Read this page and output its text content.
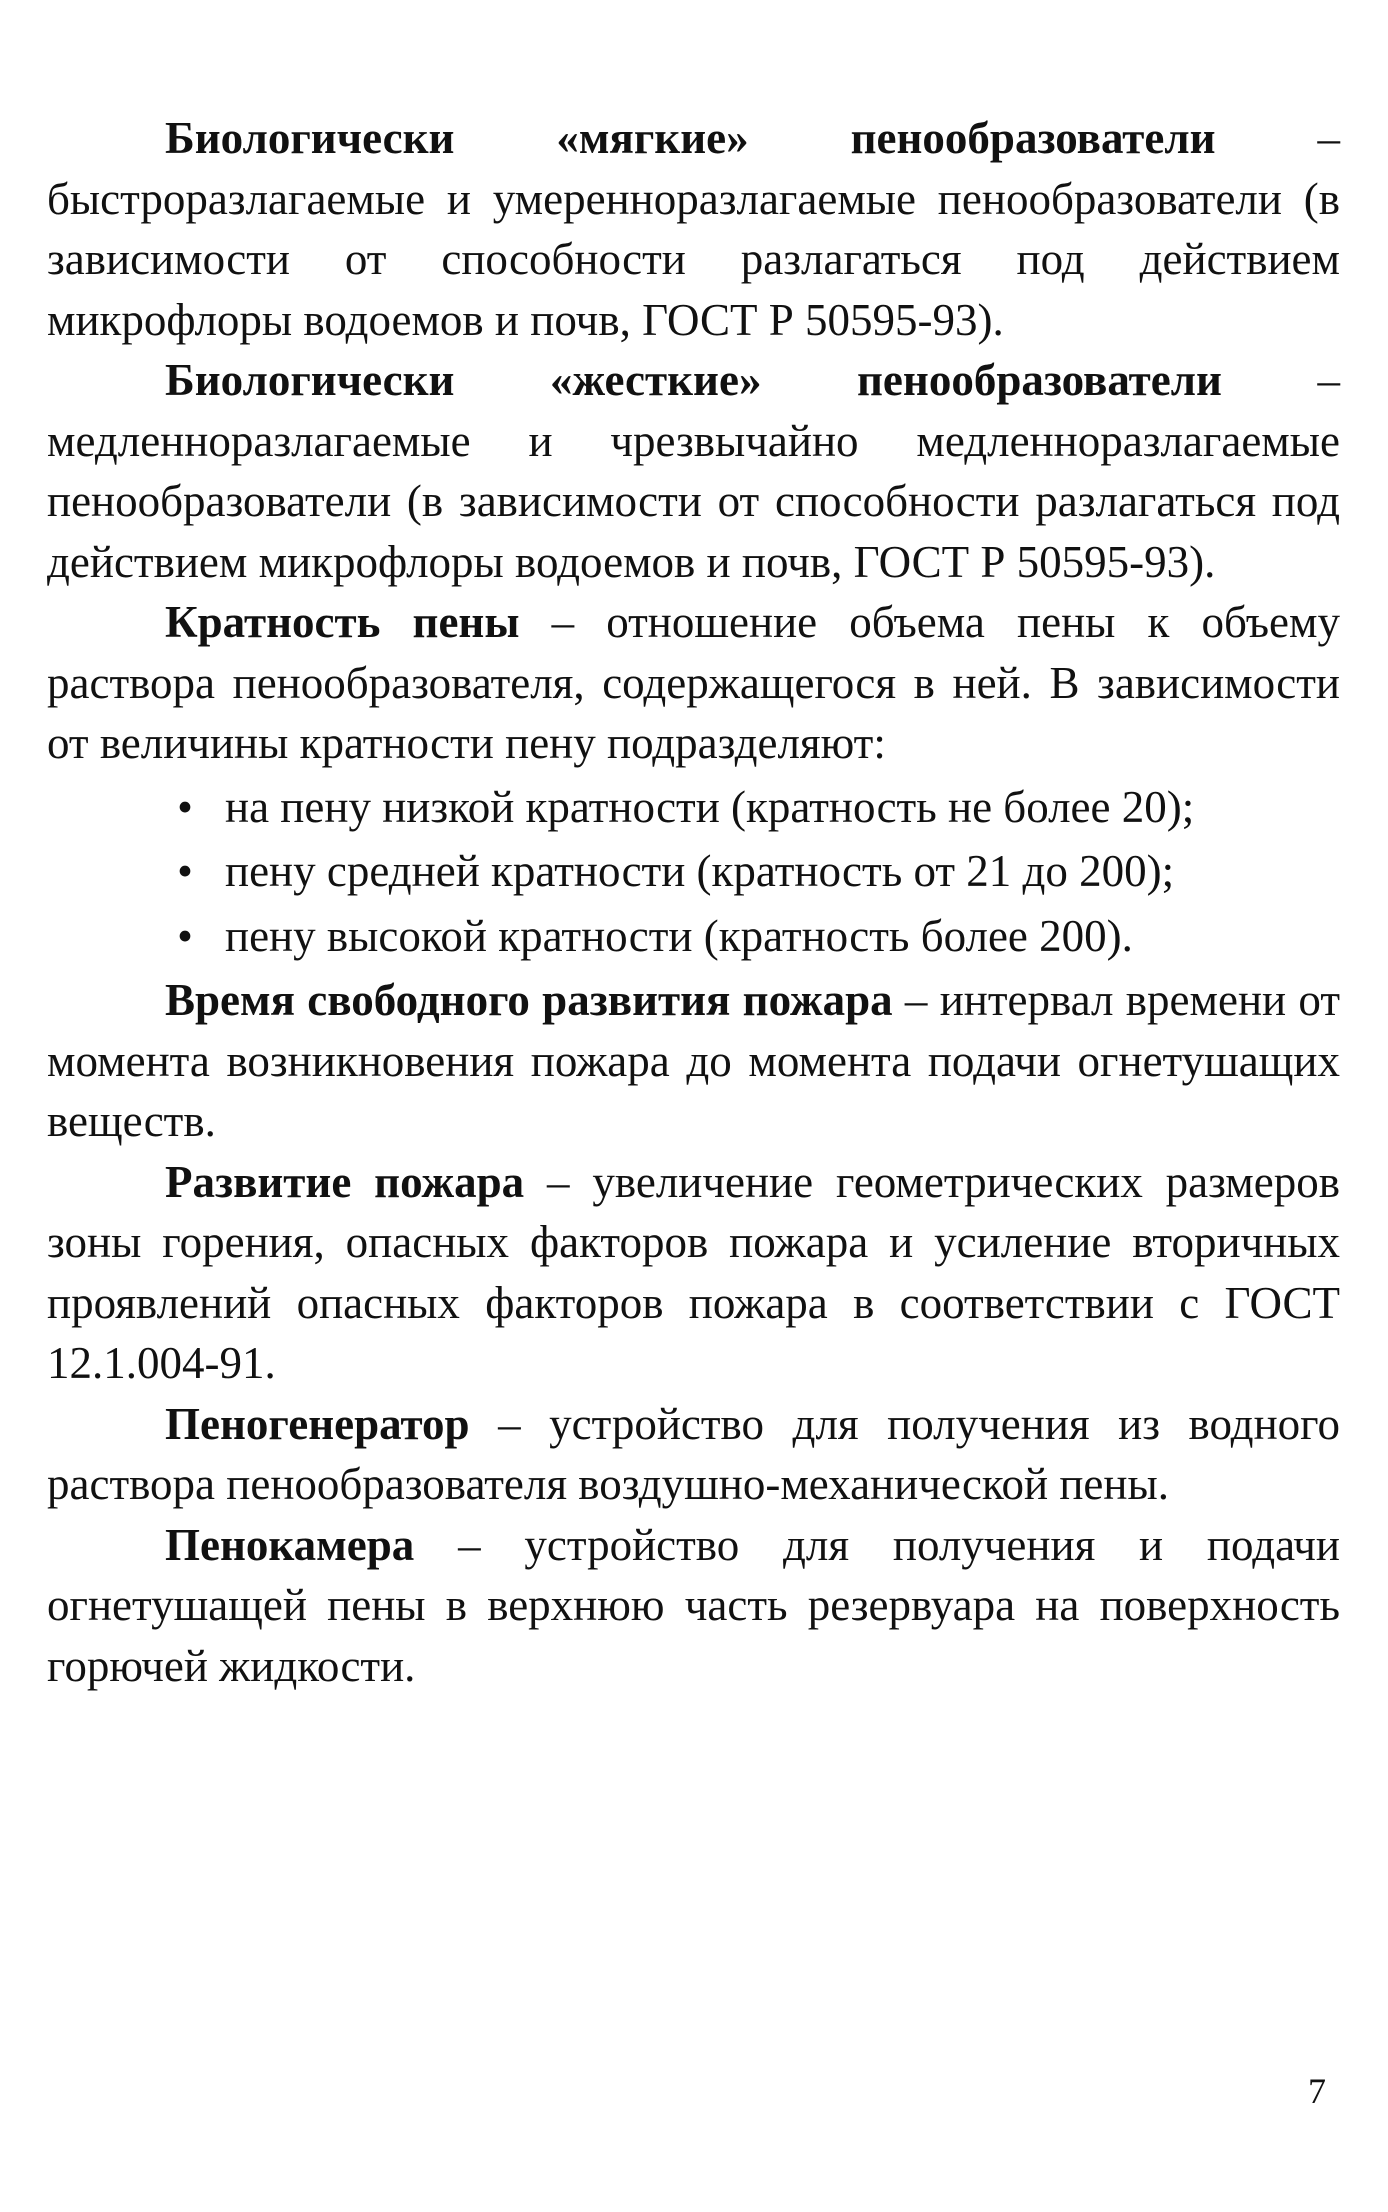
Биологически «мягкие» пенообразователи – быстроразлагаемые и умеренноразлагаемые пенообразователи (в зависимости от способности разлагаться под действием микрофлоры водоемов и почв, ГОСТ Р 50595-93).

Биологически «жесткие» пенообразователи – медленноразлагаемые и чрезвычайно медленноразлагаемые пенообразователи (в зависимости от способности разлагаться под действием микрофлоры водоемов и почв, ГОСТ Р 50595-93).

Кратность пены – отношение объема пены к объему раствора пенообразователя, содержащегося в ней. В зависимости от величины кратности пену подразделяют:

• на пену низкой кратности (кратность не более 20);
• пену средней кратности (кратность от 21 до 200);
• пену высокой кратности (кратность более 200).

Время свободного развития пожара – интервал времени от момента возникновения пожара до момента подачи огнетушащих веществ.

Развитие пожара – увеличение геометрических размеров зоны горения, опасных факторов пожара и усиление вторичных проявлений опасных факторов пожара в соответствии с ГОСТ 12.1.004-91.

Пеногенератор – устройство для получения из водного раствора пенообразователя воздушно-механической пены.

Пенокамера – устройство для получения и подачи огнетушащей пены в верхнюю часть резервуара на поверхность горючей жидкости.

7
